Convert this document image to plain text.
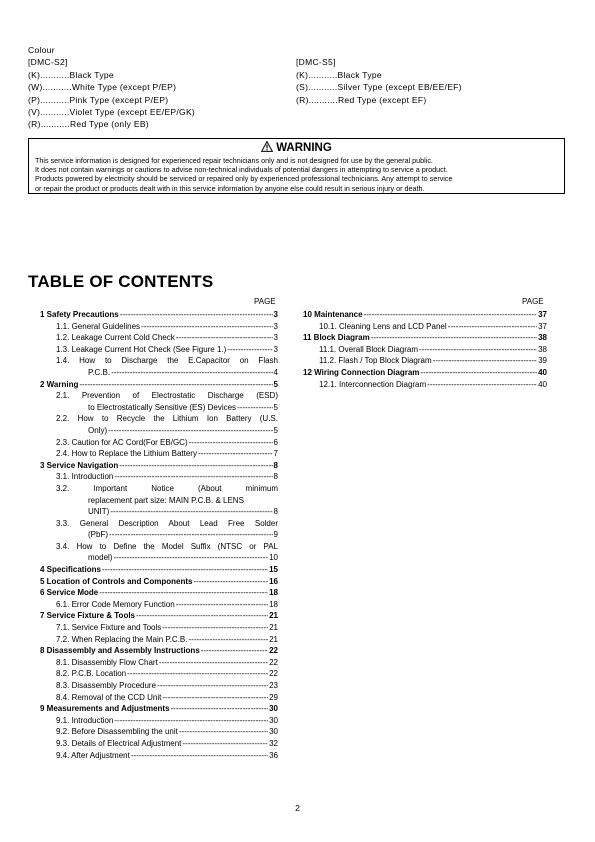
Colour
[DMC-S2]
(K)...........Black Type
(W)...........White Type (except P/EP)
(P)...........Pink Type (except P/EP)
(V)...........Violet Type (except EE/EP/GK)
(R)...........Red Type (only EB)
[DMC-S5]
(K)...........Black Type
(S)...........Silver Type (except EB/EE/EF)
(R)...........Red Type (except EF)
WARNING
This service information is designed for experienced repair technicians only and is not designed for use by the general public.
It does not contain warnings or cautions to advise non-technical individuals of potential dangers in attempting to service a product.
Products powered by electricity should be serviced or repaired only by experienced professional technicians. Any attempt to service
or repair the product or products dealt with in this service information by anyone else could result in serious injury or death.
TABLE OF CONTENTS
PAGE	PAGE
1 Safety Precautions -----	3
1.1. General Guidelines -----	3
1.2. Leakage Current Cold Check -----	3
1.3. Leakage Current Hot Check (See Figure 1.) -----	3
1.4. How to Discharge the E.Capacitor on Flash
P.C.B. -----	4
2 Warning -----	5
2.1. Prevention of Electrostatic Discharge (ESD)
to Electrostatically Sensitive (ES) Devices -----	5
2.2. How to Recycle the Lithium Ion Battery (U.S.
Only) -----	5
2.3. Caution for AC Cord(For EB/GC) -----	6
2.4. How to Replace the Lithium Battery -----	7
3 Service Navigation -----	8
3.1. Introduction -----	8
3.2. Important Notice (About minimum
replacement part size: MAIN P.C.B. & LENS
UNIT) -----	8
3.3. General Description About Lead Free Solder
(PbF) -----	9
3.4. How to Define the Model Suffix (NTSC or PAL
model) -----	10
4 Specifications -----	15
5 Location of Controls and Components -----	16
6 Service Mode -----	18
6.1. Error Code Memory Function -----	18
7 Service Fixture & Tools -----	21
7.1. Service Fixture and Tools -----	21
7.2. When Replacing the Main P.C.B. -----	21
8 Disassembly and Assembly Instructions -----	22
8.1. Disassembly Flow Chart -----	22
8.2. P.C.B. Location -----	22
8.3. Disassembly Procedure -----	23
8.4. Removal of the CCD Unit -----	29
9 Measurements and Adjustments -----	30
9.1. Introduction -----	30
9.2. Before Disassembling the unit -----	30
9.3. Details of Electrical Adjustment -----	32
9.4. After Adjustment -----	36
10 Maintenance -----	37
10.1. Cleaning Lens and LCD Panel -----	37
11 Block Diagram -----	38
11.1. Overall Block Diagram -----	38
11.2. Flash / Top Block Diagram -----	39
12 Wiring Connection Diagram -----	40
12.1. Interconnection Diagram -----	40
2
